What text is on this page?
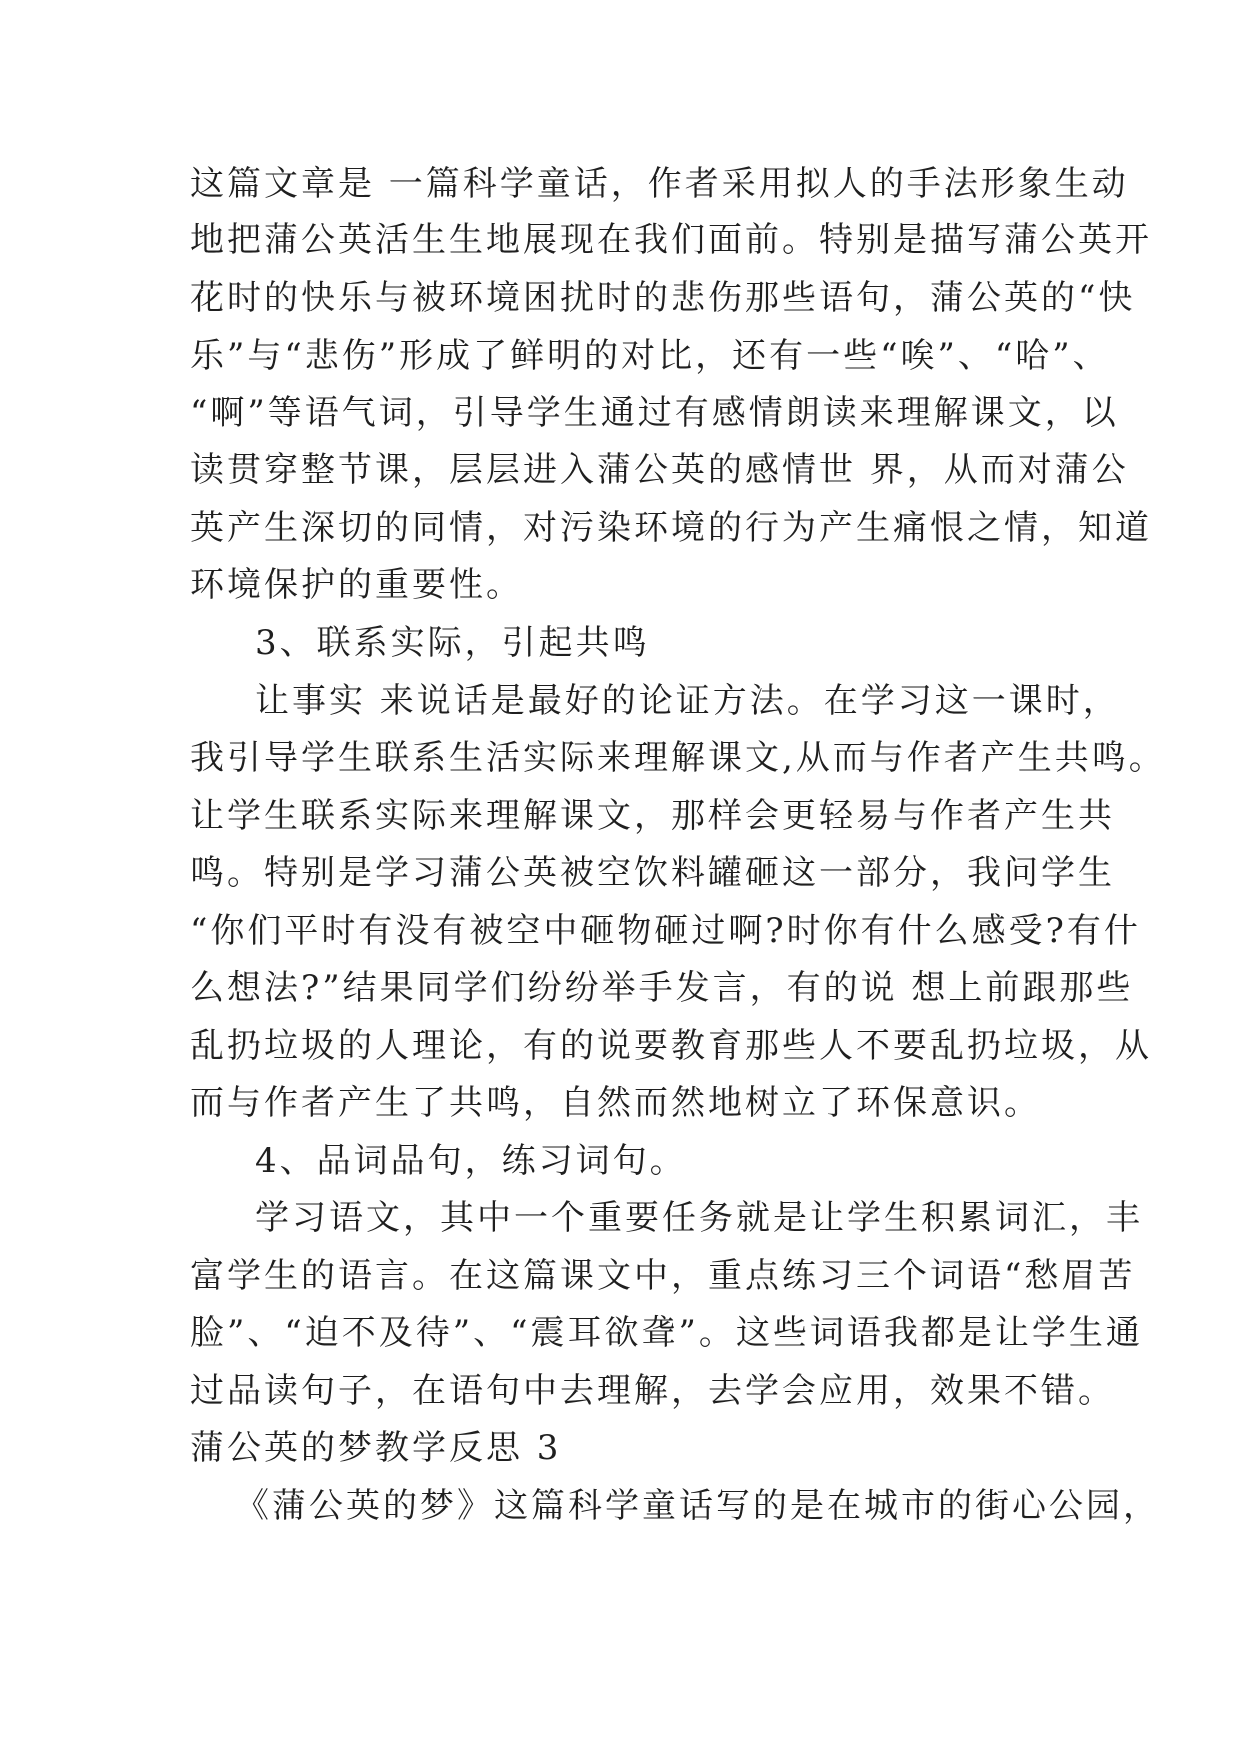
这篇文章是 一篇科学童话，作者采用拟人的手法形象生动

地把蒲公英活生生地展现在我们面前。特别是描写蒲公英开

花时的快乐与被环境困扰时的悲伤那些语句，蒲公英的“快

乐”与“悲伤”形成了鲜明的对比，还有一些“唉”、“哈”、

“啊”等语气词，引导学生通过有感情朗读来理解课文，以

读贯穿整节课，层层进入蒲公英的感情世 界，从而对蒲公

英产生深切的同情，对污染环境的行为产生痛恨之情，知道

环境保护的重要性。

3、联系实际，引起共鸣

让事实 来说话是最好的论证方法。在学习这一课时，

我引导学生联系生活实际来理解课文,从而与作者产生共鸣。

让学生联系实际来理解课文，那样会更轻易与作者产生共

鸣。特别是学习蒲公英被空饮料罐砸这一部分，我问学生

“你们平时有没有被空中砸物砸过啊?时你有什么感受?有什

么想法?”结果同学们纷纷举手发言，有的说 想上前跟那些

乱扔垃圾的人理论，有的说要教育那些人不要乱扔垃圾，从

而与作者产生了共鸣，自然而然地树立了环保意识。

4、品词品句，练习词句。

学习语文，其中一个重要任务就是让学生积累词汇，丰

富学生的语言。在这篇课文中，重点练习三个词语“愁眉苦

脸”、“迫不及待”、“震耳欲聋”。这些词语我都是让学生通

过品读句子，在语句中去理解，去学会应用，效果不错。

蒲公英的梦教学反思 3

《蒲公英的梦》这篇科学童话写的是在城市的街心公园，
